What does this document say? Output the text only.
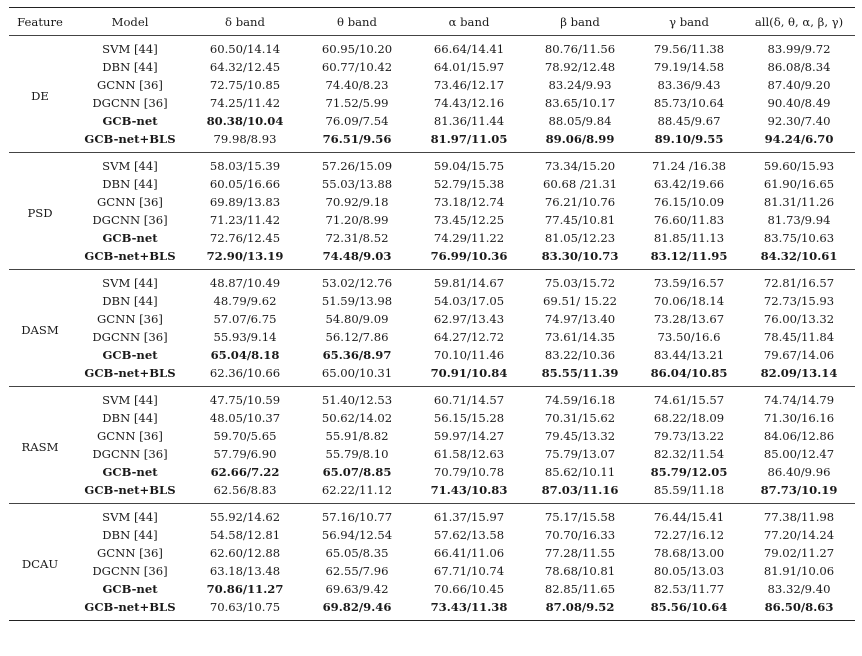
Feature	Model	δ band	θ band	α band	β band	γ band	all(δ, θ, α, β, γ)
DE	SVM [44]	60.50/14.14	60.95/10.20	66.64/14.41	80.76/11.56	79.56/11.38	83.99/9.72
	DBN [44]	64.32/12.45	60.77/10.42	64.01/15.97	78.92/12.48	79.19/14.58	86.08/8.34
	GCNN [36]	72.75/10.85	74.40/8.23	73.46/12.17	83.24/9.93	83.36/9.43	87.40/9.20
	DGCNN [36]	74.25/11.42	71.52/5.99	74.43/12.16	83.65/10.17	85.73/10.64	90.40/8.49
	GCB-net	80.38/10.04	76.09/7.54	81.36/11.44	88.05/9.84	88.45/9.67	92.30/7.40
	GCB-net+BLS	79.98/8.93	76.51/9.56	81.97/11.05	89.06/8.99	89.10/9.55	94.24/6.70
PSD	SVM [44]	58.03/15.39	57.26/15.09	59.04/15.75	73.34/15.20	71.24 /16.38	59.60/15.93
	DBN [44]	60.05/16.66	55.03/13.88	52.79/15.38	60.68 /21.31	63.42/19.66	61.90/16.65
	GCNN [36]	69.89/13.83	70.92/9.18	73.18/12.74	76.21/10.76	76.15/10.09	81.31/11.26
	DGCNN [36]	71.23/11.42	71.20/8.99	73.45/12.25	77.45/10.81	76.60/11.83	81.73/9.94
	GCB-net	72.76/12.45	72.31/8.52	74.29/11.22	81.05/12.23	81.85/11.13	83.75/10.63
	GCB-net+BLS	72.90/13.19	74.48/9.03	76.99/10.36	83.30/10.73	83.12/11.95	84.32/10.61
DASM	SVM [44]	48.87/10.49	53.02/12.76	59.81/14.67	75.03/15.72	73.59/16.57	72.81/16.57
	DBN [44]	48.79/9.62	51.59/13.98	54.03/17.05	69.51/ 15.22	70.06/18.14	72.73/15.93
	GCNN [36]	57.07/6.75	54.80/9.09	62.97/13.43	74.97/13.40	73.28/13.67	76.00/13.32
	DGCNN [36]	55.93/9.14	56.12/7.86	64.27/12.72	73.61/14.35	73.50/16.6	78.45/11.84
	GCB-net	65.04/8.18	65.36/8.97	70.10/11.46	83.22/10.36	83.44/13.21	79.67/14.06
	GCB-net+BLS	62.36/10.66	65.00/10.31	70.91/10.84	85.55/11.39	86.04/10.85	82.09/13.14
RASM	SVM [44]	47.75/10.59	51.40/12.53	60.71/14.57	74.59/16.18	74.61/15.57	74.74/14.79
	DBN [44]	48.05/10.37	50.62/14.02	56.15/15.28	70.31/15.62	68.22/18.09	71.30/16.16
	GCNN [36]	59.70/5.65	55.91/8.82	59.97/14.27	79.45/13.32	79.73/13.22	84.06/12.86
	DGCNN [36]	57.79/6.90	55.79/8.10	61.58/12.63	75.79/13.07	82.32/11.54	85.00/12.47
	GCB-net	62.66/7.22	65.07/8.85	70.79/10.78	85.62/10.11	85.79/12.05	86.40/9.96
	GCB-net+BLS	62.56/8.83	62.22/11.12	71.43/10.83	87.03/11.16	85.59/11.18	87.73/10.19
DCAU	SVM [44]	55.92/14.62	57.16/10.77	61.37/15.97	75.17/15.58	76.44/15.41	77.38/11.98
	DBN [44]	54.58/12.81	56.94/12.54	57.62/13.58	70.70/16.33	72.27/16.12	77.20/14.24
	GCNN [36]	62.60/12.88	65.05/8.35	66.41/11.06	77.28/11.55	78.68/13.00	79.02/11.27
	DGCNN [36]	63.18/13.48	62.55/7.96	67.71/10.74	78.68/10.81	80.05/13.03	81.91/10.06
	GCB-net	70.86/11.27	69.63/9.42	70.66/10.45	82.85/11.65	82.53/11.77	83.32/9.40
	GCB-net+BLS	70.63/10.75	69.82/9.46	73.43/11.38	87.08/9.52	85.56/10.64	86.50/8.63
